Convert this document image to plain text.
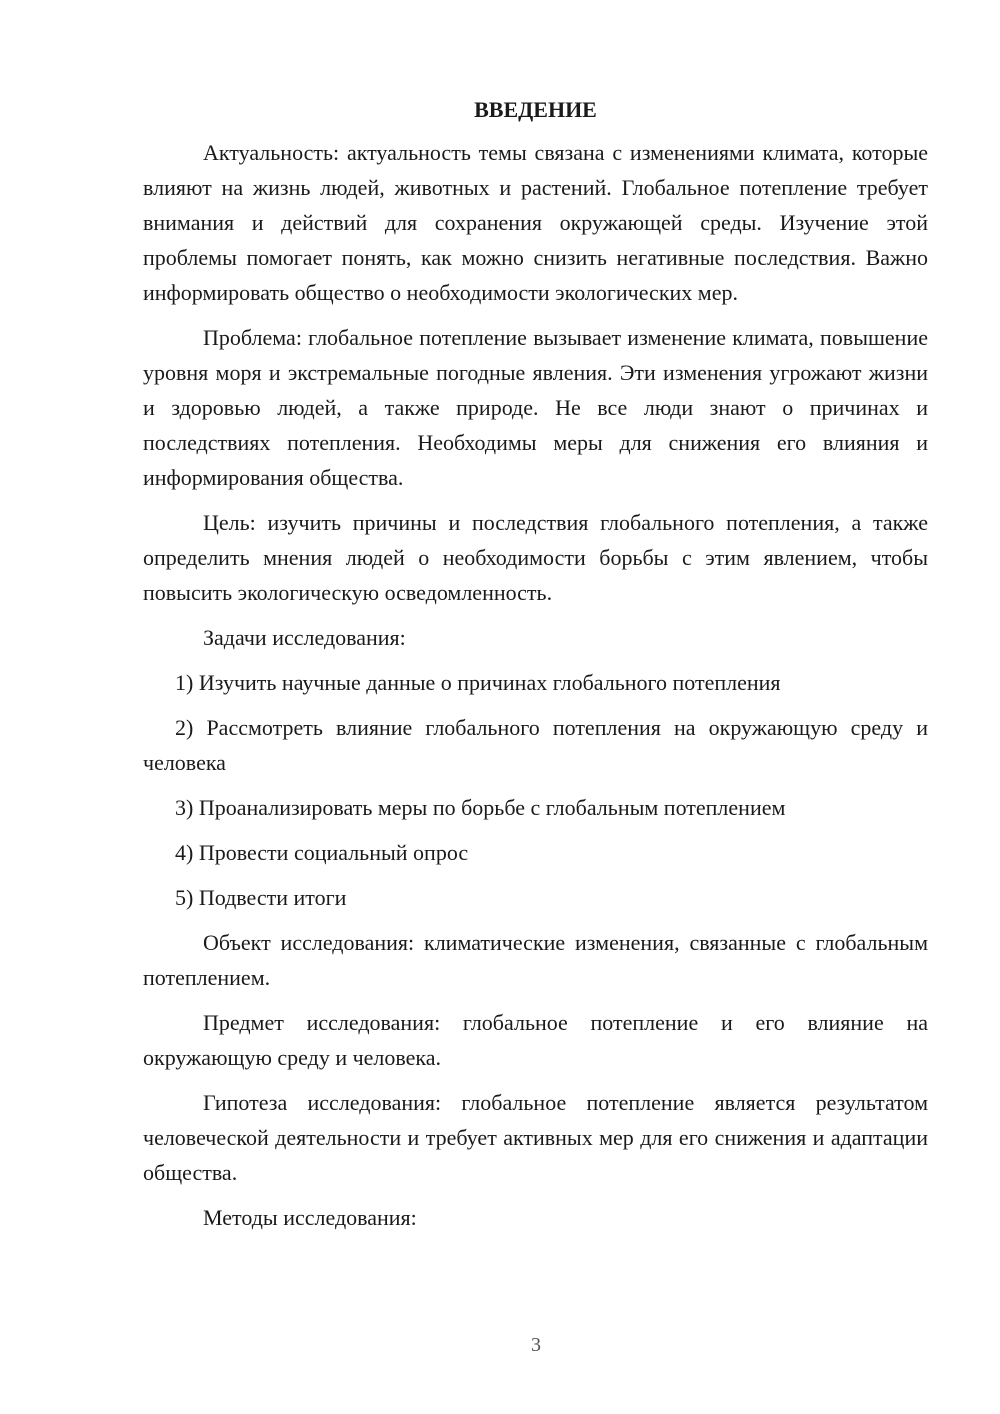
ВВЕДЕНИЕ

Актуальность: актуальность темы связана с изменениями климата, которые влияют на жизнь людей, животных и растений. Глобальное потепление требует внимания и действий для сохранения окружающей среды. Изучение этой проблемы помогает понять, как можно снизить негативные последствия. Важно информировать общество о необходимости экологических мер.

Проблема: глобальное потепление вызывает изменение климата, повышение уровня моря и экстремальные погодные явления. Эти изменения угрожают жизни и здоровью людей, а также природе. Не все люди знают о причинах и последствиях потепления. Необходимы меры для снижения его влияния и информирования общества.

Цель: изучить причины и последствия глобального потепления, а также определить мнения людей о необходимости борьбы с этим явлением, чтобы повысить экологическую осведомленность.

Задачи исследования:

1) Изучить научные данные о причинах глобального потепления

2) Рассмотреть влияние глобального потепления на окружающую среду и человека

3) Проанализировать меры по борьбе с глобальным потеплением

4) Провести социальный опрос

5) Подвести итоги

Объект исследования: климатические изменения, связанные с глобальным потеплением.

Предмет исследования: глобальное потепление и его влияние на окружающую среду и человека.

Гипотеза исследования: глобальное потепление является результатом человеческой деятельности и требует активных мер для его снижения и адаптации общества.

Методы исследования:

3
